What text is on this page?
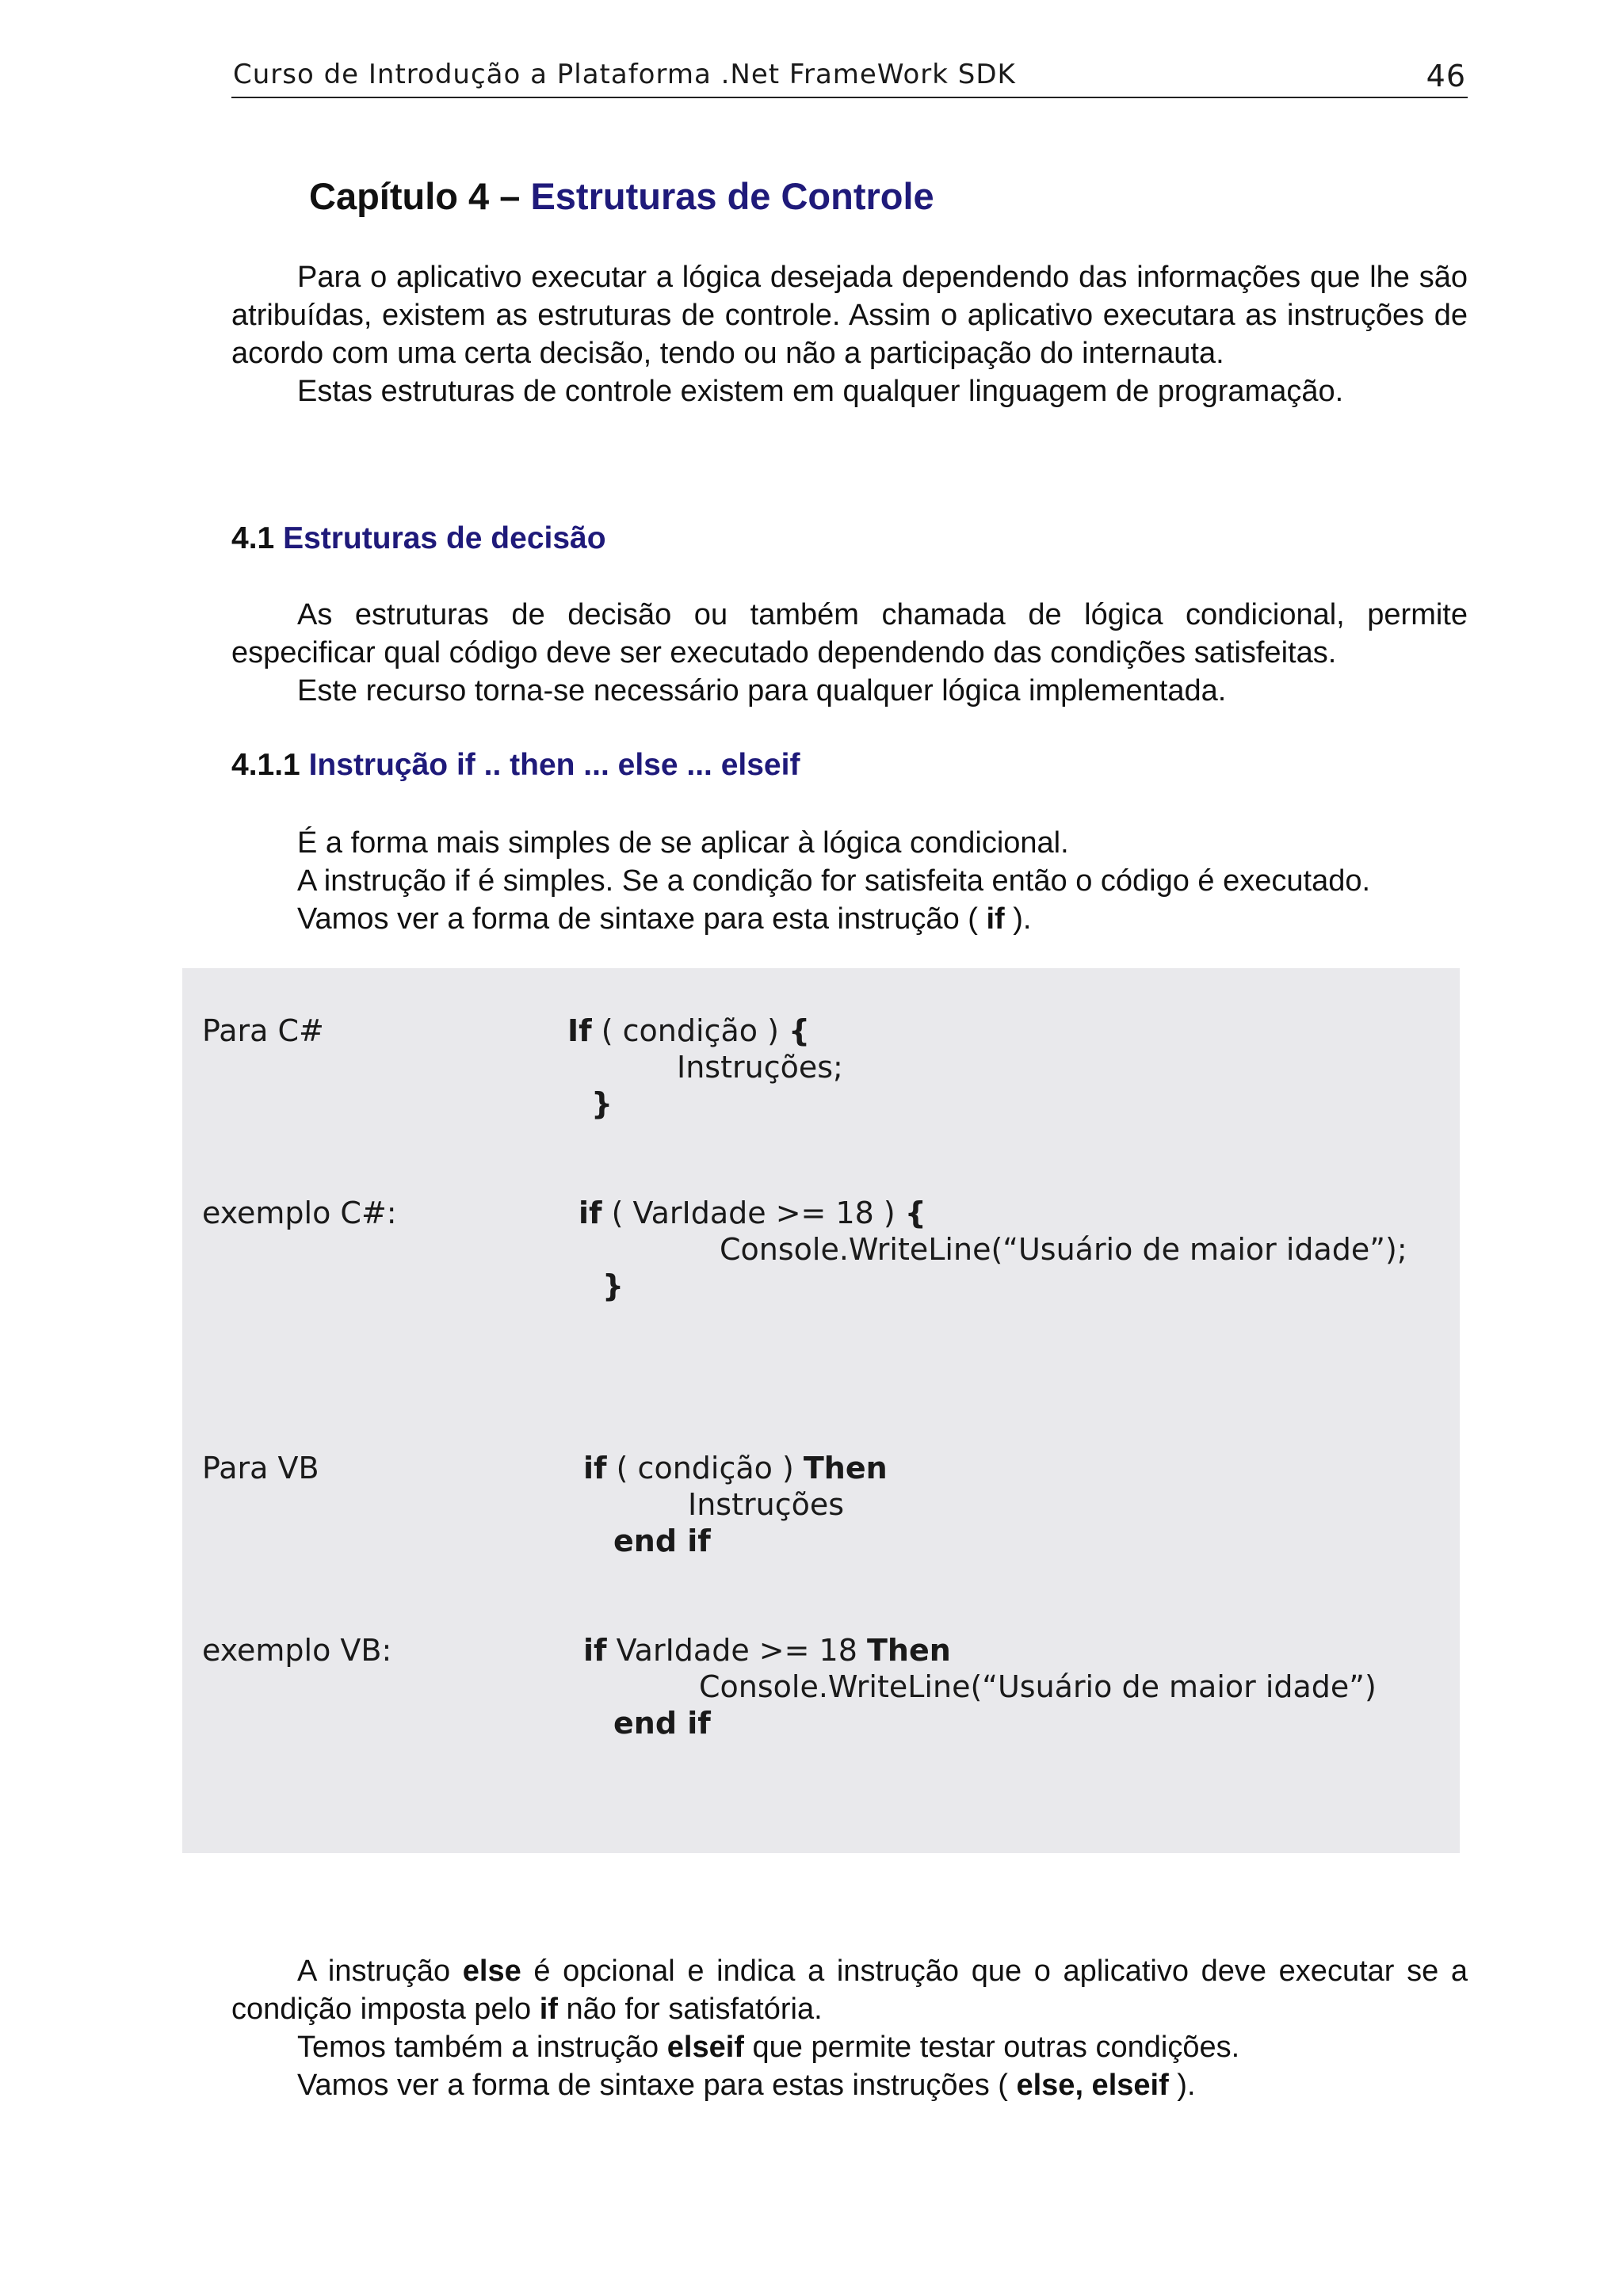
Curso de Introdução a Plataforma .Net FrameWork SDK	46
Capítulo 4 – Estruturas de Controle

Para o aplicativo executar a lógica desejada dependendo das informações que lhe são atribuídas, existem as estruturas de controle. Assim o aplicativo executara as instruções de acordo com uma certa decisão, tendo ou não a participação do internauta.

Estas estruturas de controle existem em qualquer linguagem de programação.

4.1 Estruturas de decisão

As estruturas de decisão ou também chamada de lógica condicional, permite especificar qual código deve ser executado dependendo das condições satisfeitas.

Este recurso torna-se necessário para qualquer lógica implementada.

4.1.1 Instrução if .. then ... else ... elseif

É a forma mais simples de se aplicar à lógica condicional.

A instrução if é simples. Se a condição for satisfeita então o código é executado.

Vamos ver a forma de sintaxe para esta instrução ( if ).

Para C#	If ( condição ) {
Instruções;
}
exemplo C#:	if ( VarIdade >= 18 ) {
Console.WriteLine(“Usuário de maior idade”);
}
Para VB	if ( condição ) Then
Instruções
end if
exemplo VB:	if VarIdade >= 18 Then
Console.WriteLine(“Usuário de maior idade”)
end if

A instrução else é opcional e indica a instrução que o aplicativo deve executar se a condição imposta pelo if não for satisfatória.

Temos também a instrução elseif que permite testar outras condições.

Vamos ver a forma de sintaxe para estas instruções ( else, elseif ).
